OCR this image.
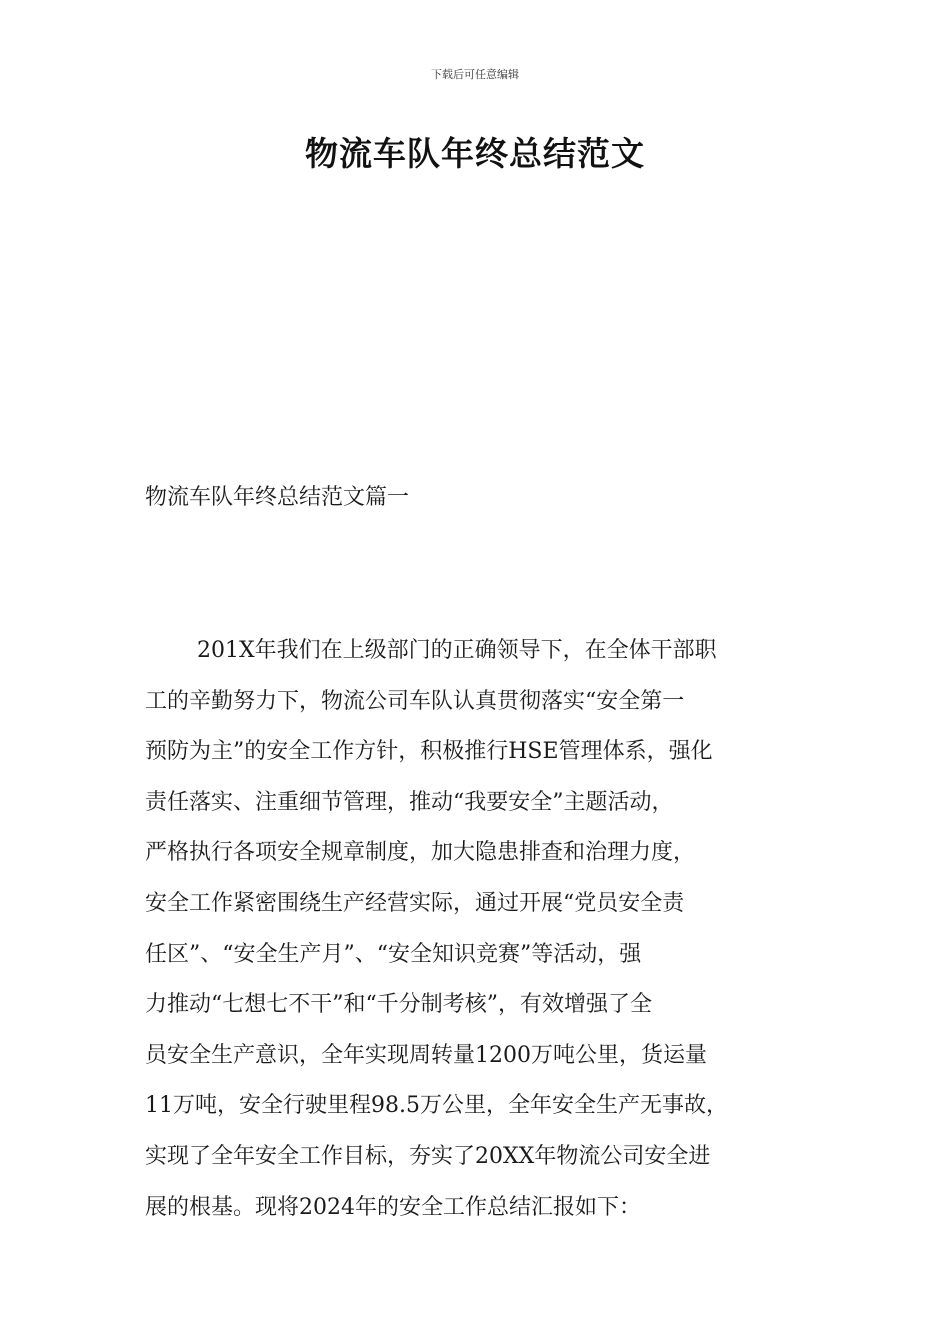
下载后可任意编辑
物流车队年终总结范文
物流车队年终总结范文篇一
201X年我们在上级部门的正确领导下，在全体干部职
工的辛勤努力下，物流公司车队认真贯彻落实“安全第一
预防为主”的安全工作方针，积极推行HSE管理体系，强化
责任落实、注重细节管理，推动“我要安全”主题活动，
严格执行各项安全规章制度，加大隐患排查和治理力度，
安全工作紧密围绕生产经营实际，通过开展“党员安全责
任区”、“安全生产月”、“安全知识竞赛”等活动，强
力推动“七想七不干”和“千分制考核”，有效增强了全
员安全生产意识，全年实现周转量1200万吨公里，货运量
11万吨，安全行驶里程98.5万公里，全年安全生产无事故，
实现了全年安全工作目标，夯实了20XX年物流公司安全进
展的根基。现将2024年的安全工作总结汇报如下：
